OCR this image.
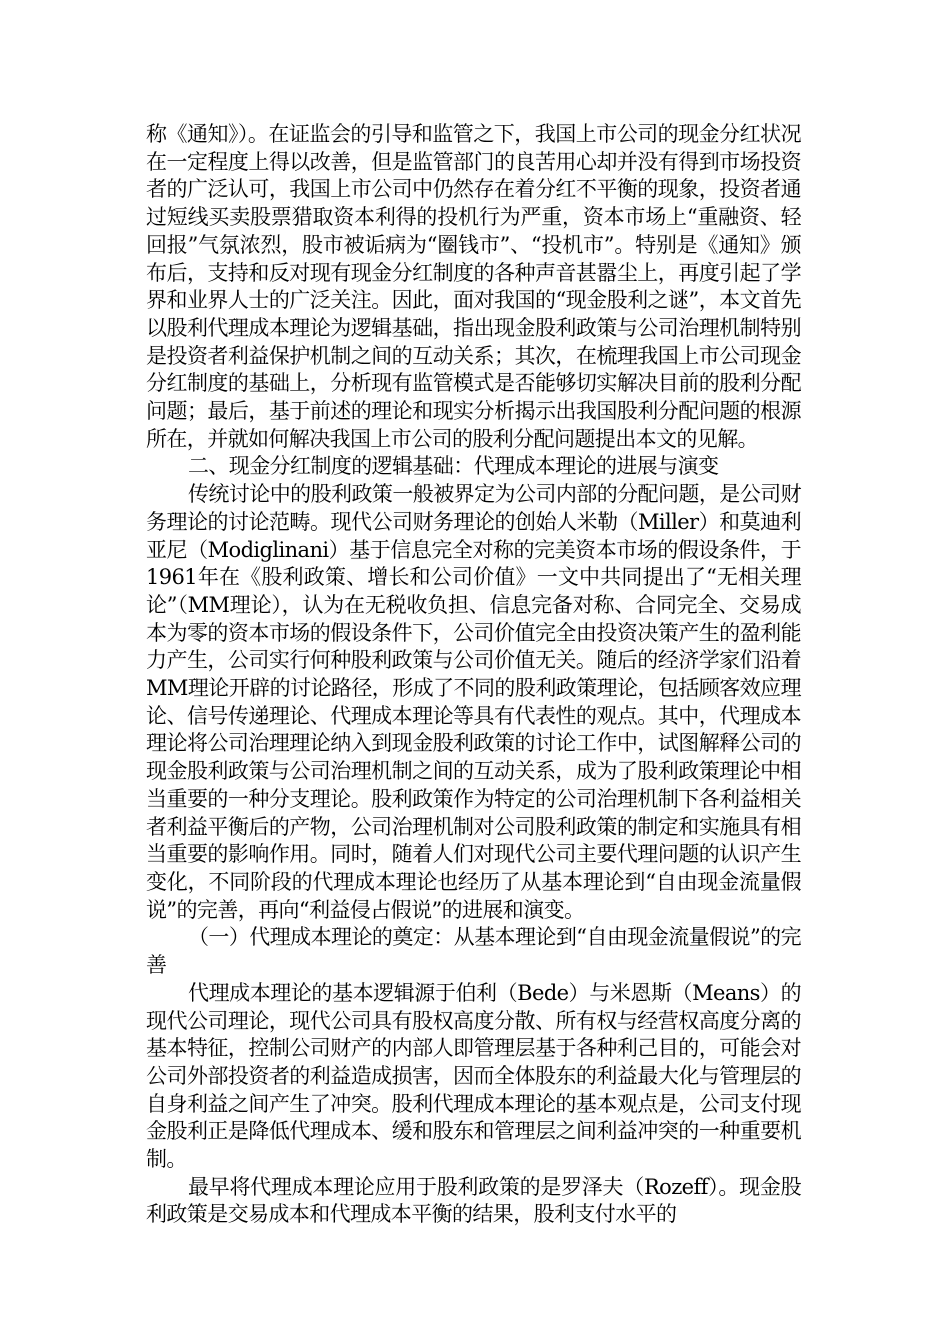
称《通知》）。在证监会的引导和监管之下，我国上市公司的现金分红状况在一定程度上得以改善，但是监管部门的良苦用心却并没有得到市场投资者的广泛认可，我国上市公司中仍然存在着分红不平衡的现象，投资者通过短线买卖股票猎取资本利得的投机行为严重，资本市场上“重融资、轻回报”气氛浓烈，股市被诟病为“圈钱市”、“投机市”。特别是《通知》颁布后，支持和反对现有现金分红制度的各种声音甚嚣尘上，再度引起了学界和业界人士的广泛关注。因此，面对我国的“现金股利之谜”，本文首先以股利代理成本理论为逻辑基础，指出现金股利政策与公司治理机制特别是投资者利益保护机制之间的互动关系；其次，在梳理我国上市公司现金分红制度的基础上，分析现有监管模式是否能够切实解决目前的股利分配问题；最后，基于前述的理论和现实分析揭示出我国股利分配问题的根源所在，并就如何解决我国上市公司的股利分配问题提出本文的见解。

二、现金分红制度的逻辑基础：代理成本理论的进展与演变

传统讨论中的股利政策一般被界定为公司内部的分配问题，是公司财务理论的讨论范畴。现代公司财务理论的创始人米勒（Miller）和莫迪利亚尼（Modiglinani）基于信息完全对称的完美资本市场的假设条件，于1961年在《股利政策、增长和公司价值》一文中共同提出了“无相关理论”（MM理论），认为在无税收负担、信息完备对称、合同完全、交易成本为零的资本市场的假设条件下，公司价值完全由投资决策产生的盈利能力产生，公司实行何种股利政策与公司价值无关。随后的经济学家们沿着MM理论开辟的讨论路径，形成了不同的股利政策理论，包括顾客效应理论、信号传递理论、代理成本理论等具有代表性的观点。其中，代理成本理论将公司治理理论纳入到现金股利政策的讨论工作中，试图解释公司的现金股利政策与公司治理机制之间的互动关系，成为了股利政策理论中相当重要的一种分支理论。股利政策作为特定的公司治理机制下各利益相关者利益平衡后的产物，公司治理机制对公司股利政策的制定和实施具有相当重要的影响作用。同时，随着人们对现代公司主要代理问题的认识产生变化，不同阶段的代理成本理论也经历了从基本理论到“自由现金流量假说”的完善，再向“利益侵占假说”的进展和演变。

（一）代理成本理论的奠定：从基本理论到“自由现金流量假说”的完善

代理成本理论的基本逻辑源于伯利（Bede）与米恩斯（Means）的现代公司理论，现代公司具有股权高度分散、所有权与经营权高度分离的基本特征，控制公司财产的内部人即管理层基于各种利己目的，可能会对公司外部投资者的利益造成损害，因而全体股东的利益最大化与管理层的自身利益之间产生了冲突。股利代理成本理论的基本观点是，公司支付现金股利正是降低代理成本、缓和股东和管理层之间利益冲突的一种重要机制。

最早将代理成本理论应用于股利政策的是罗泽夫（Rozeff）。现金股利政策是交易成本和代理成本平衡的结果，股利支付水平的
